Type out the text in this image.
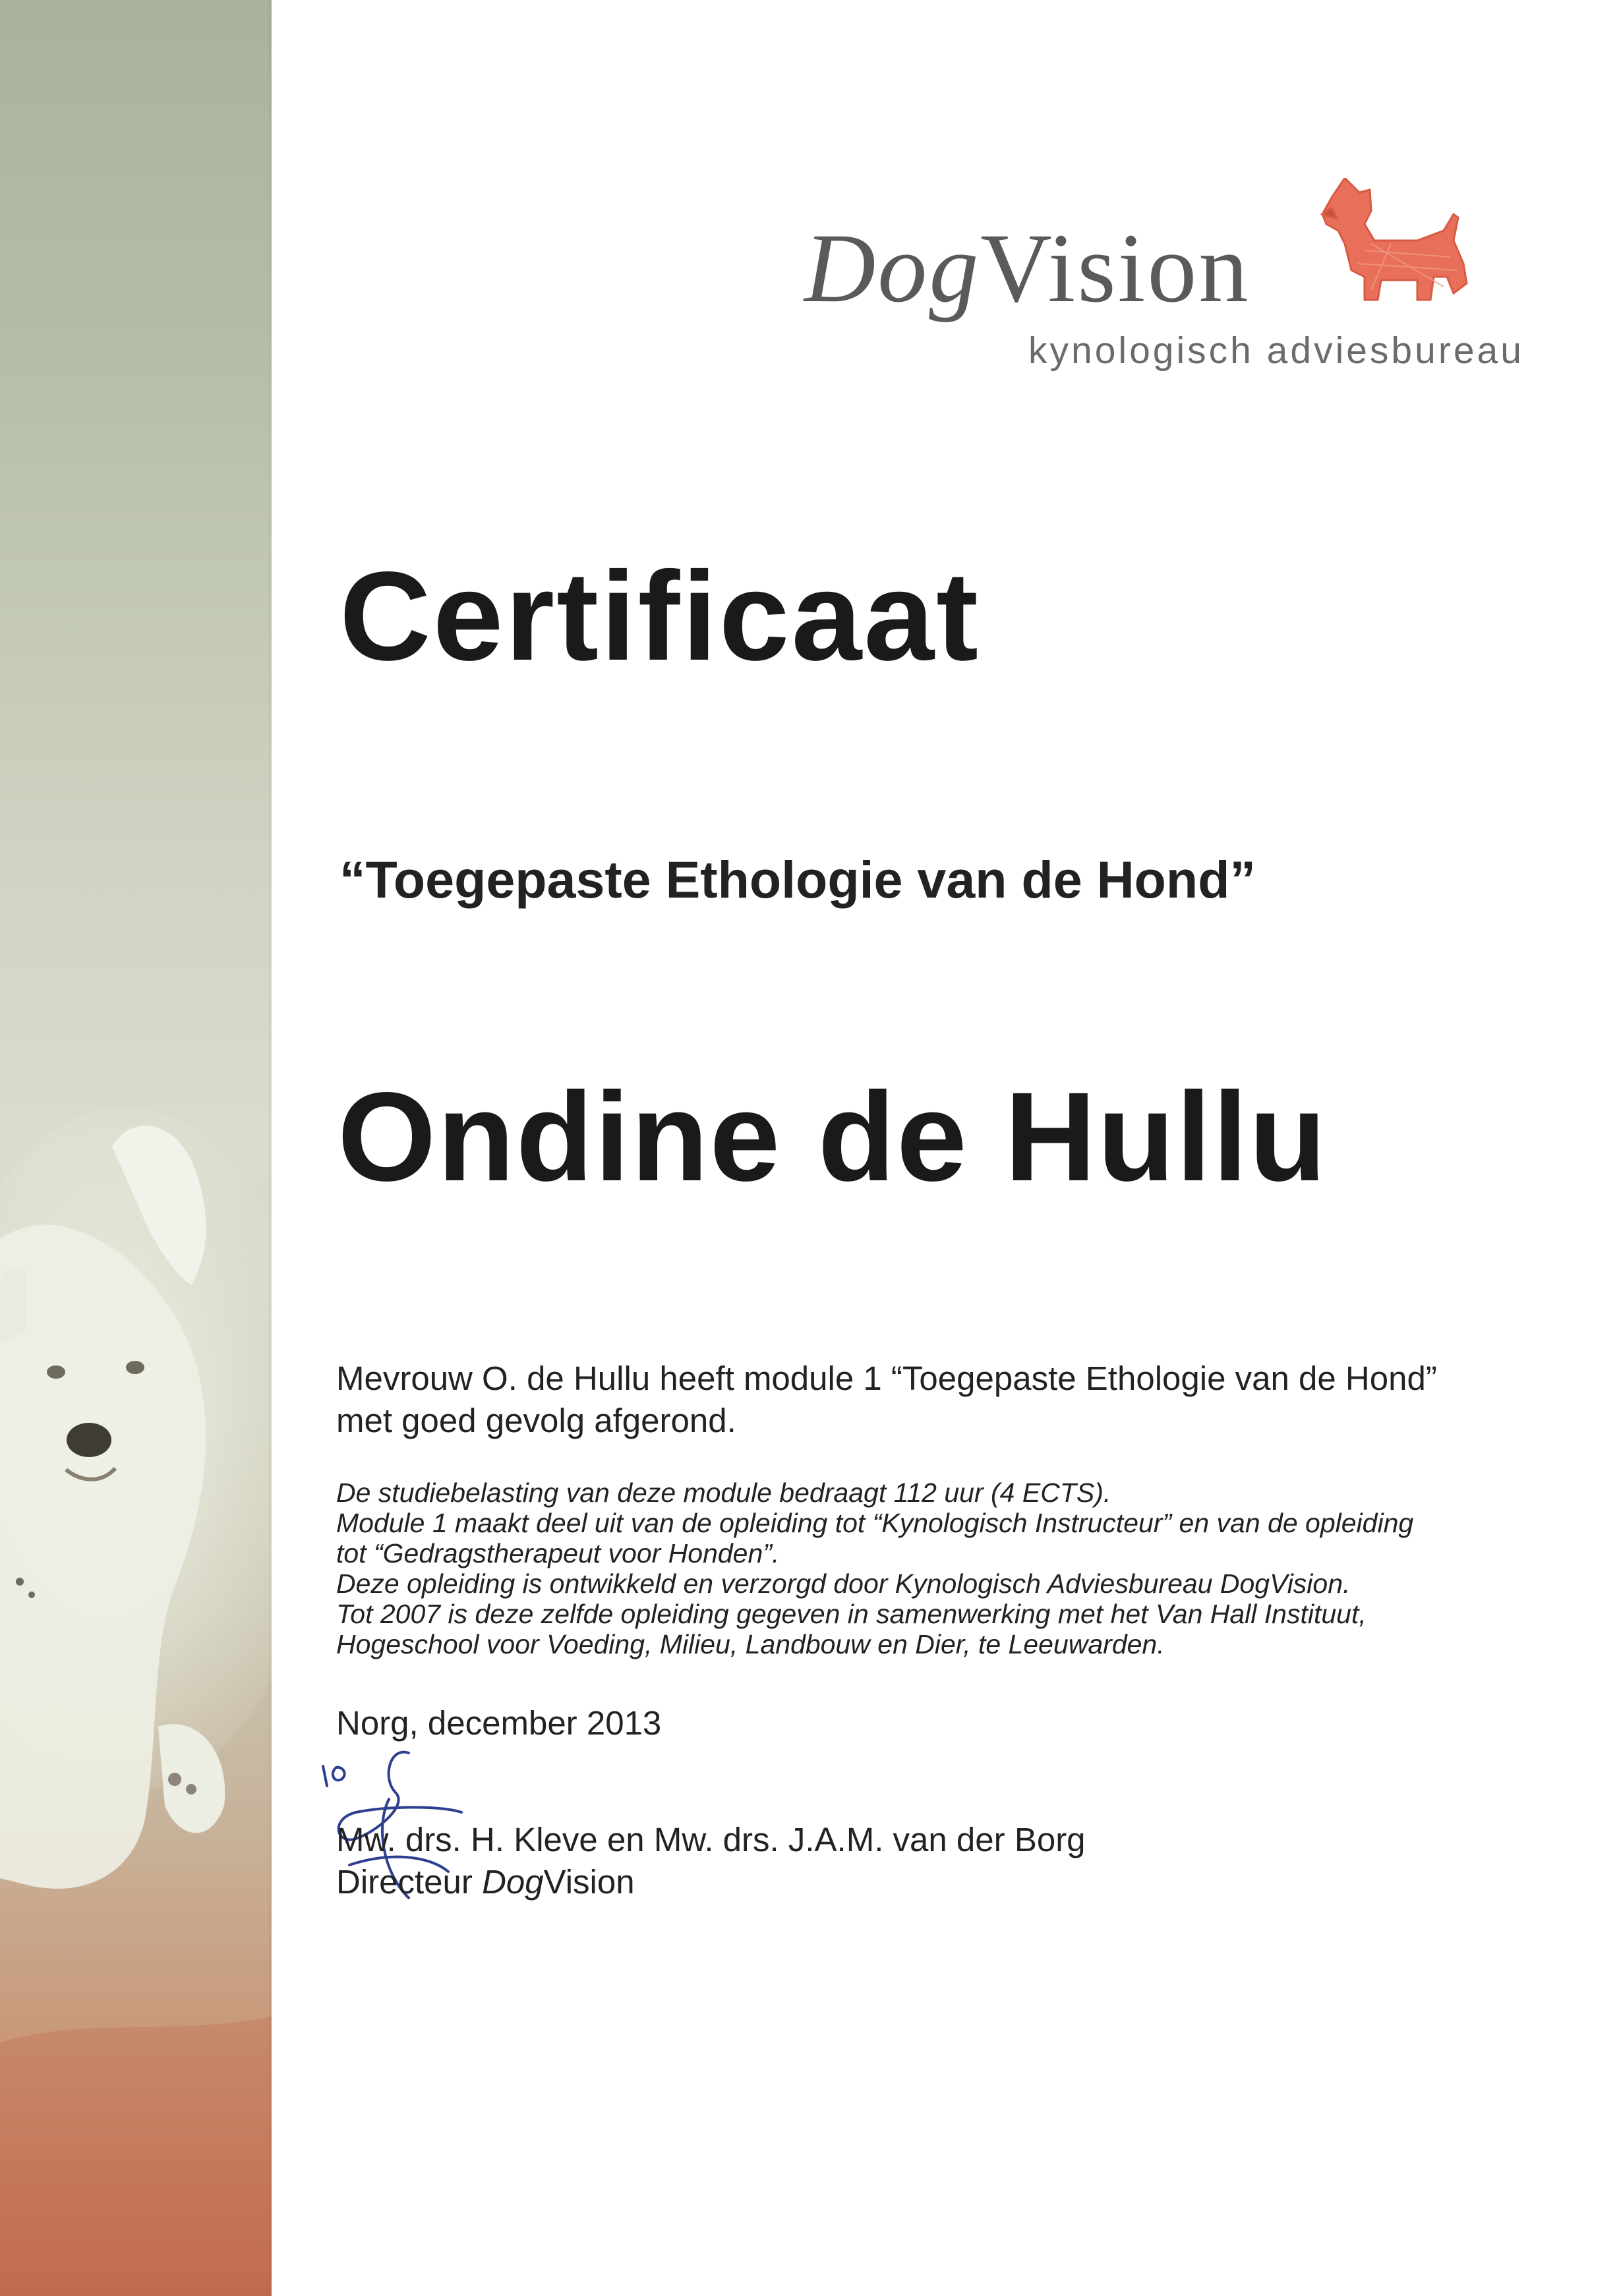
DogVision
kynologisch adviesbureau
Certificaat
“Toegepaste Ethologie van de Hond”
Ondine de Hullu
Mevrouw O. de Hullu heeft module 1 “Toegepaste Ethologie van de Hond”
met goed gevolg afgerond.
De studiebelasting van deze module bedraagt 112 uur (4 ECTS).
Module 1 maakt deel uit van de opleiding tot “Kynologisch Instructeur” en van de opleiding
tot “Gedragstherapeut voor Honden”.
Deze opleiding is ontwikkeld en verzorgd door Kynologisch Adviesbureau DogVision.
Tot 2007 is deze zelfde opleiding gegeven in samenwerking met het Van Hall Instituut,
Hogeschool voor Voeding, Milieu, Landbouw en Dier, te Leeuwarden.
Norg, december 2013
Mw. drs. H. Kleve en Mw. drs. J.A.M. van der Borg
Directeur DogVision
